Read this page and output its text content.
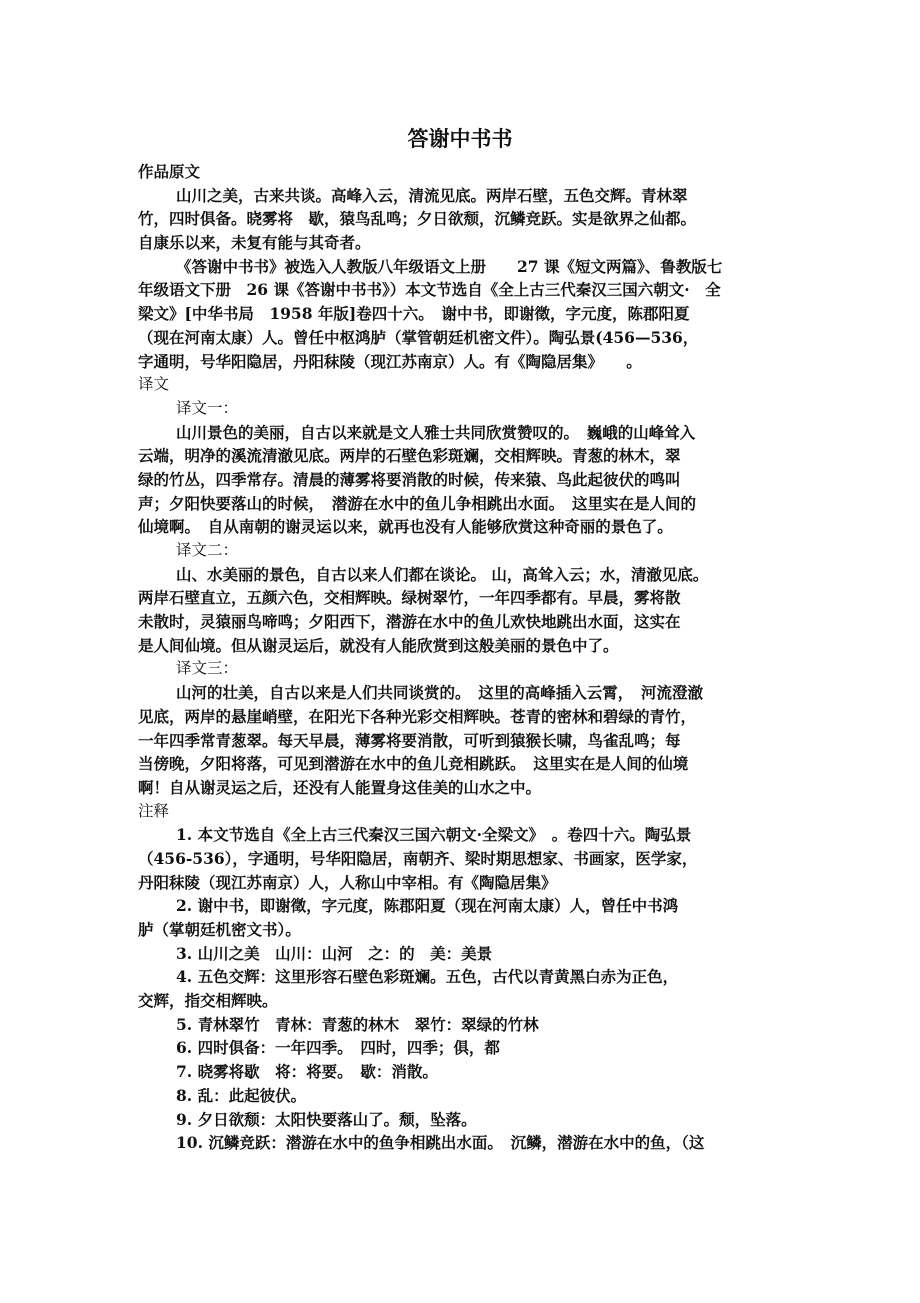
答谢中书书
作品原文
山川之美，古来共谈。高峰入云，清流见底。两岸石壁，五色交辉。青林翠
竹，四时俱备。晓雾将　歇，猿鸟乱鸣；夕日欲颓，沉鳞竞跃。实是欲界之仙都。
自康乐以来，未复有能与其奇者。
《答谢中书书》被选入人教版八年级语文上册　　27 课《短文两篇》、鲁教版七
年级语文下册　26 课《答谢中书书》）本文节选自《全上古三代秦汉三国六朝文·　全
梁文》[中华书局　1958 年版]卷四十六。　谢中书，即谢徵，字元度，陈郡阳夏
（现在河南太康）人。曾任中枢鸿胪（掌管朝廷机密文件）。陶弘景(456—536，
字通明，号华阳隐居，丹阳秣陵（现江苏南京）人。有《陶隐居集》　　。
译文
译文一：
山川景色的美丽，自古以来就是文人雅士共同欣赏赞叹的。　巍峨的山峰耸入
云端，明净的溪流清澈见底。两岸的石壁色彩斑斓，交相辉映。青葱的林木，翠
绿的竹丛，四季常存。清晨的薄雾将要消散的时候，传来猿、鸟此起彼伏的鸣叫
声；夕阳快要落山的时候，　潜游在水中的鱼儿争相跳出水面。　这里实在是人间的
仙境啊。　自从南朝的谢灵运以来，就再也没有人能够欣赏这种奇丽的景色了。
译文二：
山、水美丽的景色，自古以来人们都在谈论。 山，高耸入云；水，清澈见底。
两岸石壁直立，五颜六色，交相辉映。绿树翠竹，一年四季都有。早晨，雾将散
未散时，灵猿丽鸟啼鸣；夕阳西下，潜游在水中的鱼儿欢快地跳出水面，这实在
是人间仙境。但从谢灵运后，就没有人能欣赏到这般美丽的景色中了。
译文三：
山河的壮美，自古以来是人们共同谈赏的。　这里的高峰插入云霄，　河流澄澈
见底，两岸的悬崖峭壁，在阳光下各种光彩交相辉映。苍青的密林和碧绿的青竹，
一年四季常青葱翠。每天早晨，薄雾将要消散，可听到猿猴长啸，鸟雀乱鸣；每
当傍晚，夕阳将落，可见到潜游在水中的鱼儿竞相跳跃。　这里实在是人间的仙境
啊！自从谢灵运之后，还没有人能置身这佳美的山水之中。
注释
1. 本文节选自《全上古三代秦汉三国六朝文·全梁文》　。卷四十六。陶弘景
（456-536），字通明，号华阳隐居，南朝齐、梁时期思想家、书画家，医学家，
丹阳秣陵（现江苏南京）人，人称山中宰相。有《陶隐居集》
2. 谢中书，即谢徵，字元度，陈郡阳夏（现在河南太康）人，曾任中书鸿
胪（掌朝廷机密文书）。
3. 山川之美　山川：山河　之：的　美：美景
4. 五色交辉：这里形容石壁色彩斑斓。五色，古代以青黄黑白赤为正色，
交辉，指交相辉映。
5. 青林翠竹　青林：青葱的林木　翠竹：翠绿的竹林
6. 四时俱备：一年四季。　四时，四季；俱，都
7. 晓雾将歇　将：将要。　歇：消散。
8. 乱：此起彼伏。
9. 夕日欲颓：太阳快要落山了。颓，坠落。
10. 沉鳞竞跃：潜游在水中的鱼争相跳出水面。　沉鳞，潜游在水中的鱼，（这
